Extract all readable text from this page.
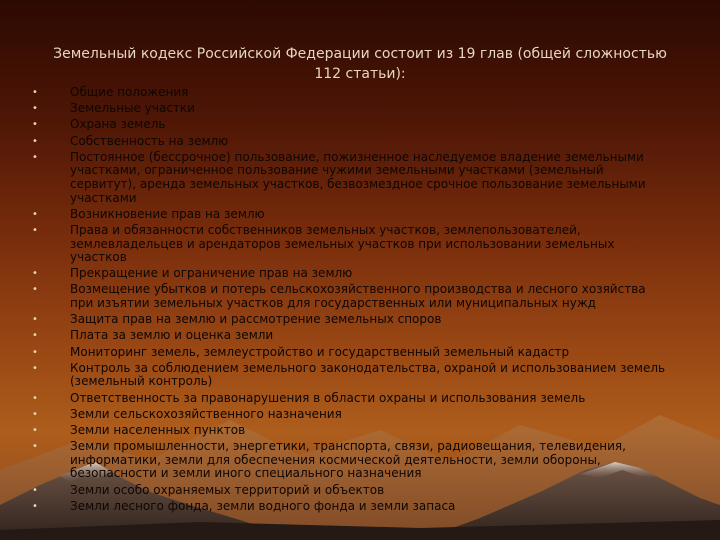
Земельный кодекс Российской Федерации состоит из 19 глав (общей сложностью 112 статьи):
•	Общие положения
•	Земельные участки
•	Охрана земель
•	Собственность на землю
•	Постоянное (бессрочное) пользование, пожизненное наследуемое владение земельными участками, ограниченное пользование чужими земельными участками (земельный сервитут), аренда земельных участков, безвозмездное срочное пользование земельными участками
•	Возникновение прав на землю
•	Права и обязанности собственников земельных участков, землепользователей, землевладельцев и арендаторов земельных участков при использовании земельных участков
•	Прекращение и ограничение прав на землю
•	Возмещение убытков и потерь сельскохозяйственного производства и лесного хозяйства при изъятии земельных участков для государственных или муниципальных нужд
•	Защита прав на землю и рассмотрение земельных споров
•	Плата за землю и оценка земли
•	Мониторинг земель, землеустройство и государственный земельный кадастр
•	Контроль за соблюдением земельного законодательства, охраной и использованием земель (земельный контроль)
•	Ответственность за правонарушения в области охраны и использования земель
•	Земли сельскохозяйственного назначения
•	Земли населенных пунктов
•	Земли промышленности, энергетики, транспорта, связи, радиовещания, телевидения, информатики, земли для обеспечения космической деятельности, земли обороны, безопасности и земли иного специального назначения
•	Земли особо охраняемых территорий и объектов
•	Земли лесного фонда, земли водного фонда и земли запаса
